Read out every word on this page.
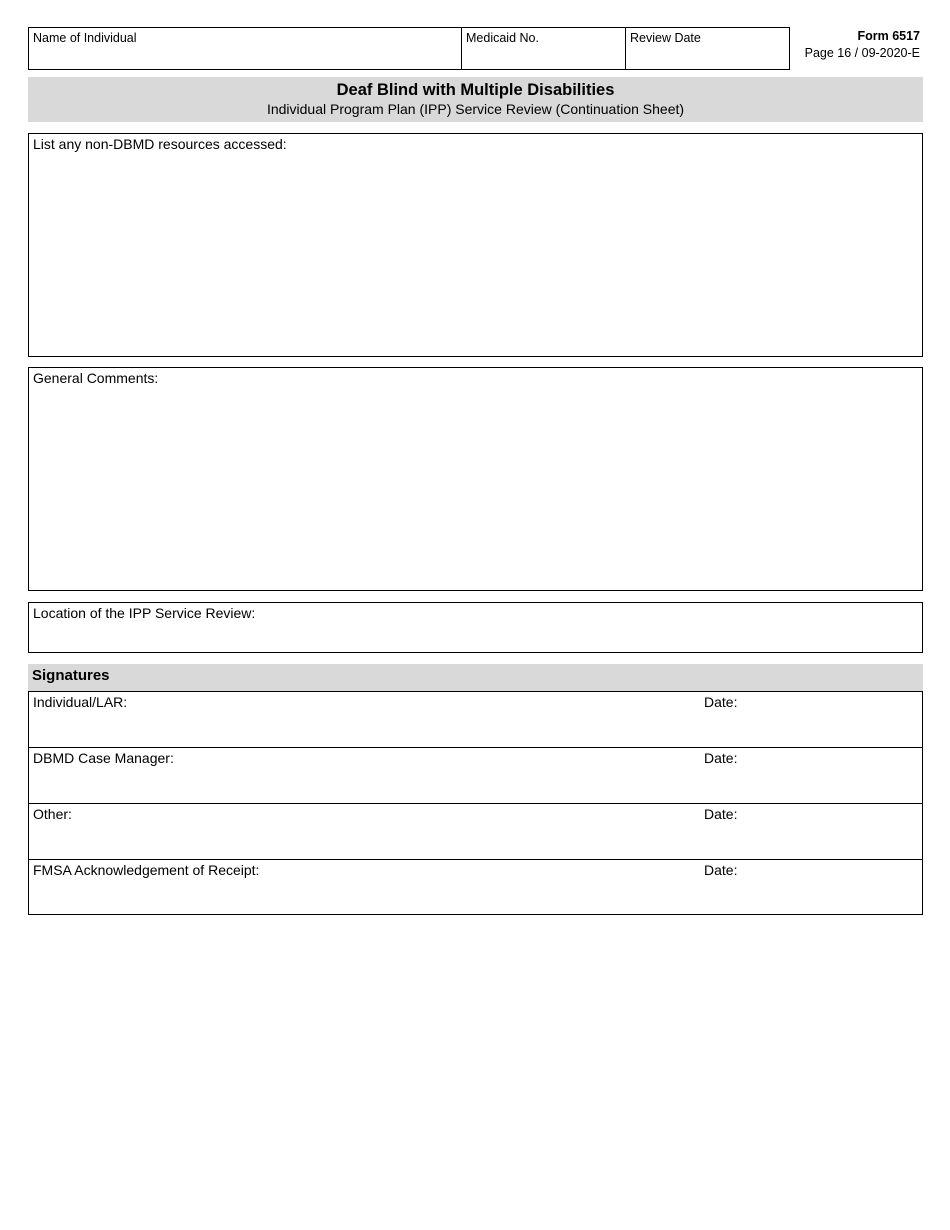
Name of Individual	Medicaid No.	Review Date	Form 6517
Page 16 / 09-2020-E
Deaf Blind with Multiple Disabilities
Individual Program Plan (IPP) Service Review (Continuation Sheet)
List any non-DBMD resources accessed:
General Comments:
Location of the IPP Service Review:
Signatures
Individual/LAR:	Date:
DBMD Case Manager:	Date:
Other:	Date:
FMSA Acknowledgement of Receipt:	Date:
